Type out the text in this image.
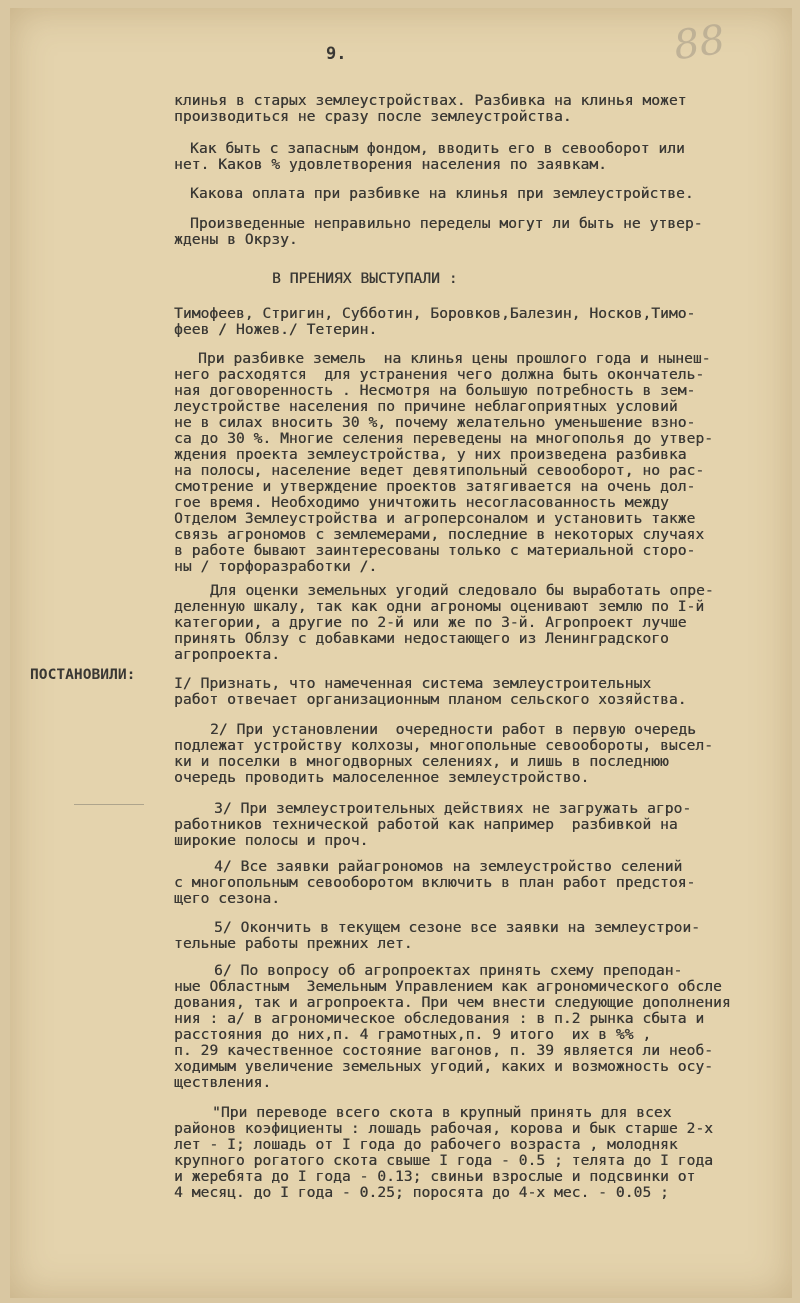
88
9.
ПОСТАНОВИЛИ:
клинья в старых землеустройствах. Разбивка на клинья может
производиться не сразу после землеустройства.
Как быть с запасным фондом, вводить его в севооборот или
нет. Каков % удовлетворения населения по заявкам.
Какова оплата при разбивке на клинья при землеустройстве.
Произведенные неправильно переделы могут ли быть не утвер-
ждены в Окрзу.
В ПРЕНИЯХ ВЫСТУПАЛИ :
Тимофеев, Стригин, Субботин, Боровков,Балезин, Носков,Тимо-
феев / Ножев./ Тетерин.
При разбивке земель  на клинья цены прошлого года и нынеш-
него расходятся  для устранения чего должна быть окончатель-
ная договоренность . Несмотря на большую потребность в зем-
леустройстве населения по причине неблагоприятных условий
не в силах вносить 30 %, почему желательно уменьшение взно-
са до 30 %. Многие селения переведены на многополья до утвер-
ждения проекта землеустройства, у них произведена разбивка
на полосы, население ведет девятипольный севооборот, но рас-
смотрение и утверждение проектов затягивается на очень дол-
гое время. Необходимо уничтожить несогласованность между
Отделом Землеустройства и агроперсоналом и установить также
связь агрономов с землемерами, последние в некоторых случаях
в работе бывают заинтересованы только с материальной сторо-
ны / торфоразработки /.
Для оценки земельных угодий следовало бы выработать опре-
деленную шкалу, так как одни агрономы оценивают землю по I-й
категории, а другие по 2-й или же по 3-й. Агропроект лучше
принять Облзу с добавками недостающего из Ленинградского
агропроекта.
I/ Признать, что намеченная система землеустроительных
работ отвечает организационным планом сельского хозяйства.
2/ При установлении  очередности работ в первую очередь
подлежат устройству колхозы, многопольные севообороты, высел-
ки и поселки в многодворных селениях, и лишь в последнюю
очередь проводить малоселенное землеустройство.
3/ При землеустроительных действиях не загружать агро-
работников технической работой как например  разбивкой на
широкие полосы и проч.
4/ Все заявки райагрономов на землеустройство селений
с многопольным севооборотом включить в план работ предстоя-
щего сезона.
5/ Окончить в текущем сезоне все заявки на землеустрои-
тельные работы прежних лет.
6/ По вопросу об агропроектах принять схему преподан-
ные Областным  Земельным Управлением как агрономического обсле
дования, так и агропроекта. При чем внести следующие дополнения
ния : а/ в агрономическое обследования : в п.2 рынка сбыта и
расстояния до них,п. 4 грамотных,п. 9 итого  их в %% ,
п. 29 качественное состояние вагонов, п. 39 является ли необ-
ходимым увеличение земельных угодий, каких и возможность осу-
ществления.
"При переводе всего скота в крупный принять для всех
районов коэфициенты : лошадь рабочая, корова и бык старше 2-х
лет - I; лошадь от I года до рабочего возраста , молодняк
крупного рогатого скота свыше I года - 0.5 ; телята до I года
и жеребята до I года - 0.13; свиньи взрослые и подсвинки от
4 месяц. до I года - 0.25; поросята до 4-х мес. - 0.05 ;
